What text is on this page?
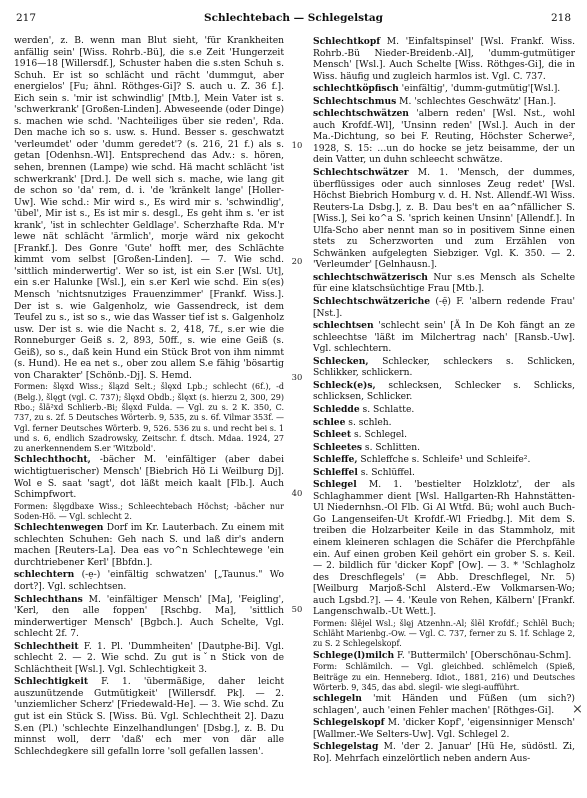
217	Schlechtebach — Schlegelstag	218

werden', z. B. wenn man Blut sieht, 'für Krankheiten anfällig sein' [Wiss. Rohrb.-Bü], die s.e Zeit 'Hungerzeit 1916—18 [Willersdf.], Schuster haben die s.sten Schuh s. Schuh. Er ist so schlächt und rächt 'dummgut, aber energielos' [Fu; ähnl. Röthges-Gi]? S. auch u. Z. 36 f.]. Eich sein s. 'mir ist schwindlig' [Mtb.], Mein Vater ist s. 'schwerkrank' [Großen-Linden]. Abweseende (oder Dinge) s. machen wie schd. 'Nachteiliges über sie reden', Rda. Den mache ich so s. usw. s. Hund. Besser s. geschwatzt 'verleumdet' oder 'dumm geredet'? (s. 216, 21 f.) als s. getan [Odenhsn.-Wl]. Entsprechend das Adv.: s. hören, sehen, brennen (Lampe) wie schd. Hä macht schlächt 'ist schwerkrank' [Drd.]. De well sich s. mache, wie lang git de schon so 'da' rem, d. i. 'de 'kränkelt lange' [Holler-Uw]. Wie schd.: Mir wird s., Es wird mir s. 'schwindlig', 'übel', Mir ist s., Es ist mir s. desgl., Es geht ihm s. 'er ist krank', 'ist in schlechter Geldlage'. Scherzhafte Rda. M'r lewe nät schlächt 'ärmlich', morje wärd nix gekocht [Frankf.]. Des Gonre 'Gute' hofft mer, des Schlächte kimmt vom selbst [Großen-Linden]. — 7. Wie schd. 'sittlich minderwertig'. Wer so ist, ist ein S.er [Wsl. Ut], ein s.er Halunke [Wsl.], ein s.er Kerl wie schd. Ein s(es) Mensch 'nichtsnutziges Frauenzimmer' [Frankf. Wiss.]. Der ist s. wie Galgenholz, wie Gassendreck, ist dem Teufel zu s., ist so s., wie das Wasser tief ist s. Galgenholz usw. Der ist s. wie die Nacht s. 2, 418, 7f., s.er wie die Ronneburger Geiß s. 2, 893, 50ff., s. wie eine Geiß (s. Geiß), so s., daß kein Hund ein Stück Brot von ihm nimmt (s. Hund). He ea net s., ober zou allem S.e fähig 'bösartig von Charakter' [Schönb.-Dj]. S. Hemd.

Formen: šlęxd Wiss.; šlązd Selt.; šlęxd Lpb.; schlecht (6f.), -d (Belg.), šlęgt (vgl. C. 737); šlęxd Obdb.; šlęxt (s. hierzu 2, 300, 29) Rbo.; šlä²xd Schlierb.-Bi; šlęxd Fulda. — Vgl. zu s. 2 K. 350, C. 737, zu s. 2f. 5 Deutsches Wörterb. 9, 535, zu s. 6f. Vilmar 353f. — Vgl. ferner Deutsches Wörterb. 9, 526. 536 zu s. und recht bei s. 1 und s. 6, endlich Szadrowsky, Zeitschr. f. dtsch. Mdaa. 1924, 27 zu anerkennendem S.er 'Witzbold'.

Schlechthocht, -bächer M. 'einfältiger (aber dabei wichtigtuerischer) Mensch' [Biebrich Hö Li Weilburg Dj]. Wol e S. saat 'sagt', dot läßt meich kaalt [Flb.]. Auch Schimpfwort.

Formen: šlęgdbaxe Wiss.; Schleechtebach Höchst; -bächer nur Soden-Hö. — Vgl. schlecht 2.

Schlechtenwegen Dorf im Kr. Lauterbach. Zu einem mit schlechten Schuhen: Geh nach S. und laß dir's andern machen [Reuters-La]. Dea eas vo^n Schlechtewege 'ein durchtriebener Kerl' [Bbfdn.].

schlechtern (-ẹ-) 'einfältig schwatzen' [„Taunus." Wo dort?]. Vgl. schlechtsen.

Schlechthans M. 'einfältiger Mensch' [Ma], 'Feigling', 'Kerl, den alle foppen' [Rschbg. Ma], 'sittlich minderwertiger Mensch' [Bgbch.]. Auch Schelte, Vgl. schlecht 2f. 7.

Schlechtheit F. 1. Pl. 'Dummheiten' [Dautphe-Bi]. Vgl. schlecht 2. — 2. Wie schd. Zu gut isˇn Stick von de Schlächtheit [Wsl.]. Vgl. Schlechtigkeit 3.

Schlechtigkeit F. 1. 'übermäßige, daher leicht auszunützende Gutmütigkeit' [Willersdf. Pk]. — 2. 'unziemlicher Scherz' [Friedewald-He]. — 3. Wie schd. Zu gut ist ein Stück S. [Wiss. Bü. Vgl. Schlechtheit 2]. Dazu S.en (Pl.) 'schlechte Einzelhandlungen' [Dsbg.], z. B. Du minnst woll, derr 'daß' ech mer von där alle Schlechdegkere sill gefalln lorre 'soll gefallen lassen'.

10
20
30
40
50

Schlechtkopf M. 'Einfaltspinsel' [Wsl. Frankf. Wiss. Rohrb.-Bü Nieder-Breidenb.-Al], 'dumm-gutmütiger Mensch' [Wsl.]. Auch Schelte [Wiss. Röthges-Gi], die in Wiss. häufig und zugleich harmlos ist. Vgl. C. 737.

schlechtköpfisch 'einfältig', 'dumm-gutmütig'[Wsl.].

Schlechtschmus M. 'schlechtes Geschwätz' [Han.].

schlechtschwätzen 'albern reden' [Wsl. Nst., wohl auch Krofdf.-Wl], 'Unsinn reden' [Wsl.]. Auch in der Ma.-Dichtung, so bei F. Reuting, Höchster Scherwe², 1928, S. 15: …un do hocke se jetz beisamme, der un dein Vatter, un duhn schleecht schwätze.

Schlechtschwätzer M. 1. 'Mensch, der dummes, überflüssiges oder auch sinnloses Zeug redet' [Wsl. Höchst Biebrich Homburg v. d. H. Nst. Allendf.-Wl Wiss. Reuters-La Dsbg.], z. B. Dau bes't en aa^nfällicher S. [Wiss.], Sei ko^a S. 'sprich keinen Unsinn' [Allendf.]. In Ulfa-Scho aber nennt man so in positivem Sinne einen stets zu Scherzworten und zum Erzählen von Schwänken aufgelegten Siebziger. Vgl. K. 350. — 2. 'Verleumder' [Gelnhausn.].

schlechtschwätzerisch Nur s.es Mensch als Schelte für eine klatschsüchtige Frau [Mtb.].

Schlechtschwätzeriche (-ẹ̈) F. 'albern redende Frau' [Nst.].

schlechtsen 'schlecht sein' [Ä In De Koh fängt an ze schleechtse 'läßt im Milchertrag nach' [Ransb.-Uw]. Vgl. schlechtern.

Schlecken, Schlecker, schleckers s. Schlicken, Schlikker, schlickern.

Schleck(e)s, schlecksen, Schlecker s. Schlicks, schlicksen, Schlicker.

Schledde s. Schlatte.

schlee s. schleh.

Schleet s. Schlegel.

Schleetes s. Schlitten.

Schleffe, Schleffche s. Schleife¹ und Schleife².

Schleffel s. Schlüffel.

Schlegel M. 1. 'bestielter Holzklotz', der als Schlaghammer dient [Wsl. Hallgarten-Rh Hahnstätten-Ul Niedernhsn.-Ol Flb. Gi Al Wtfd. Bü; wohl auch Buch-Go Langenseifen-Ut Krofdf.-Wl Friedbg.]. Mit dem S. treiben die Holzarbeiter Keile in das Stammholz, mit einem kleineren schlagen die Schäfer die Pferchpfähle ein. Auf einen groben Keil gehört ein grober S. s. Keil. — 2. bildlich für 'dicker Kopf' [Ow]. — 3. * 'Schlagholz des Dreschflegels' (= Abb. Dreschflegel, Nr. 5) [Weilburg Marjoß-Schl Alsterd.-Ew Volkmarsen-Wo; auch Lgsbd.?]. — 4. 'Keule von Rehen, Kälbern' [Frankf. Langenschwalb.-Ut Wett.].

Formen: šlējel Wsl.; šlęj Atzenhn.-Al; šlēl Krofdf.; Schlēl Buch; Schläht Marienbg.-Ow. — Vgl. C. 737, ferner zu S. 1f. Schlage 2, zu S. 2 Schlegelskopf.

Schlege(l)milch F. 'Buttermilch' [Oberschönau-Schm].

Form: Schlämilch. — Vgl. gleichbed. schlēmelch (Spieß, Beiträge zu ein. Henneberg. Idiot., 1881, 216) und Deutsches Wörterb. 9, 345, das abd. slegil- wie slegi-aufführt.

schlegeln 'mit Händen und Füßen (um sich?) schlagen', auch 'einen Fehler machen' [Röthges-Gi].

Schlegelskopf M. 'dicker Kopf', 'eigensinniger Mensch' [Wallmer.-We Selters-Uw]. Vgl. Schlegel 2.

Schlegelstag M. 'der 2. Januar' [Hü He, südöstl. Zi, Ro]. Mehrfach einzelörtlich neben andern Aus-

×
